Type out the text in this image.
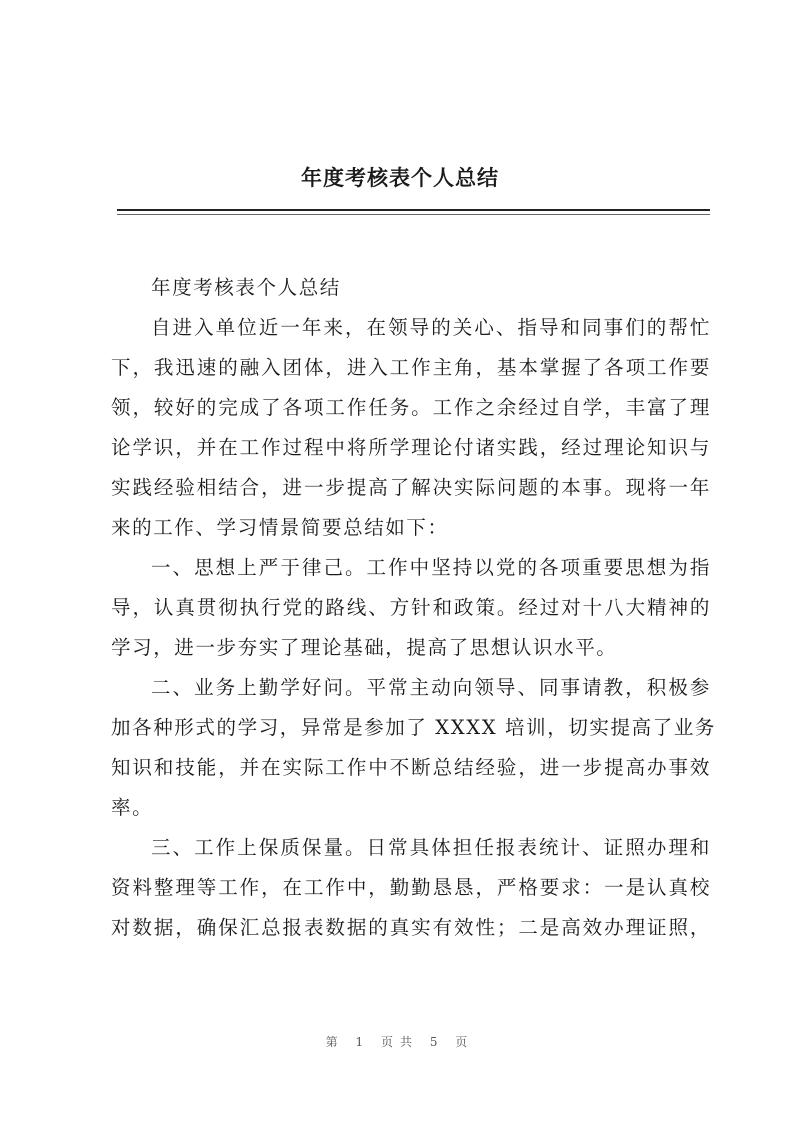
年度考核表个人总结
年度考核表个人总结
自进入单位近一年来，在领导的关心、指导和同事们的帮忙
下，我迅速的融入团体，进入工作主角，基本掌握了各项工作要
领，较好的完成了各项工作任务。工作之余经过自学，丰富了理
论学识，并在工作过程中将所学理论付诸实践，经过理论知识与
实践经验相结合，进一步提高了解决实际问题的本事。现将一年
来的工作、学习情景简要总结如下：
一、思想上严于律己。工作中坚持以党的各项重要思想为指
导，认真贯彻执行党的路线、方针和政策。经过对十八大精神的
学习，进一步夯实了理论基础，提高了思想认识水平。
二、业务上勤学好问。平常主动向领导、同事请教，积极参
加各种形式的学习，异常是参加了 XXXX 培训，切实提高了业务
知识和技能，并在实际工作中不断总结经验，进一步提高办事效
率。
三、工作上保质保量。日常具体担任报表统计、证照办理和
资料整理等工作，在工作中，勤勤恳恳，严格要求：一是认真校
对数据，确保汇总报表数据的真实有效性；二是高效办理证照，
第 1 页共 5 页
